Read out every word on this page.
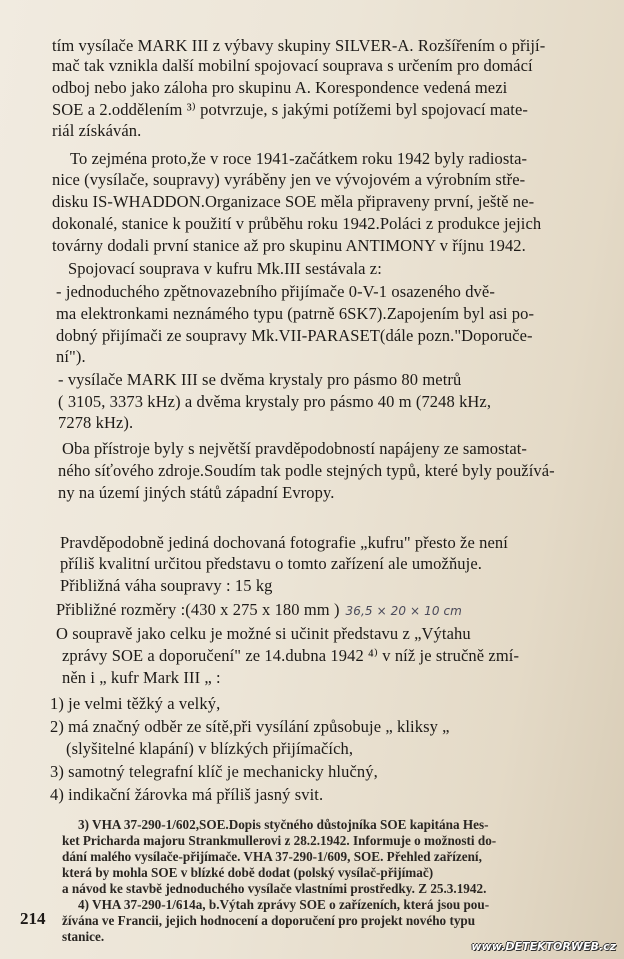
tím vysílače MARK III z výbavy skupiny SILVER-A. Rozšířením o přijí-
mač tak vznikla další mobilní spojovací souprava s určením pro domácí
odboj nebo jako záloha pro skupinu A. Korespondence vedená mezi
SOE a 2.oddělením ³⁾ potvrzuje, s jakými potížemi byl spojovací mate-
riál získáván.
To zejména proto,že v roce 1941-začátkem roku 1942 byly radiosta-
nice (vysílače, soupravy) vyráběny jen ve vývojovém a výrobním stře-
disku IS-WHADDON.Organizace SOE měla připraveny první, ještě ne-
dokonalé, stanice k použití v průběhu roku 1942.Poláci z produkce jejich
továrny dodali první stanice až pro skupinu ANTIMONY v říjnu 1942.
Spojovací souprava v kufru Mk.III sestávala z:
- jednoduchého zpětnovazebního přijímače 0-V-1 osazeného dvě-
ma elektronkami neznámého typu (patrně 6SK7).Zapojením byl asi po-
dobný přijímači ze soupravy Mk.VII-PARASET(dále pozn."Doporuče-
ní").
- vysílače MARK III se dvěma krystaly pro pásmo 80 metrů
( 3105, 3373 kHz) a dvěma krystaly pro pásmo 40 m (7248 kHz,
7278 kHz).
Oba přístroje byly s největší pravděpodobností napájeny ze samostat-
ného síťového zdroje.Soudím tak podle stejných typů, které byly používá-
ny na území jiných států západní Evropy.
Pravděpodobně jediná dochovaná fotografie „kufru" přesto že není
příliš kvalitní určitou představu o tomto zařízení ale umožňuje.
Přibližná váha soupravy : 15 kg
Přibližné rozměry :(430 x 275 x 180 mm ) 36,5 × 20 × 10 cm
O soupravě jako celku je možné si učinit představu z „Výtahu
zprávy SOE a doporučení" ze 14.dubna 1942 ⁴⁾ v níž je stručně zmí-
něn i „ kufr Mark III „ :
1) je velmi těžký a velký,
2) má značný odběr ze sítě,při vysílání způsobuje „ kliksy „
(slyšitelné klapání) v blízkých přijímačích,
3) samotný telegrafní klíč je mechanicky hlučný,
4) indikační žárovka má příliš jasný svit.
3) VHA 37-290-1/602,SOE.Dopis styčného důstojníka SOE kapitána Hes-
ket Prichardа majoru Strankmullerovi z 28.2.1942. Informuje o možnosti do-
dání malého vysílače-přijímače. VHA 37-290-1/609, SOE. Přehled zařízení,
která by mohla SOE v blízké době dodat (polský vysílač-přijímač)
a návod ke stavbě jednoduchého vysílače vlastními prostředky. Z 25.3.1942.
4) VHA 37-290-1/614a, b.Výtah zprávy SOE o zařízeních, která jsou pou-
žívána ve Francii, jejich hodnocení a doporučení pro projekt nového typu
stanice.
214
www.DETEKTORWEB.cz
